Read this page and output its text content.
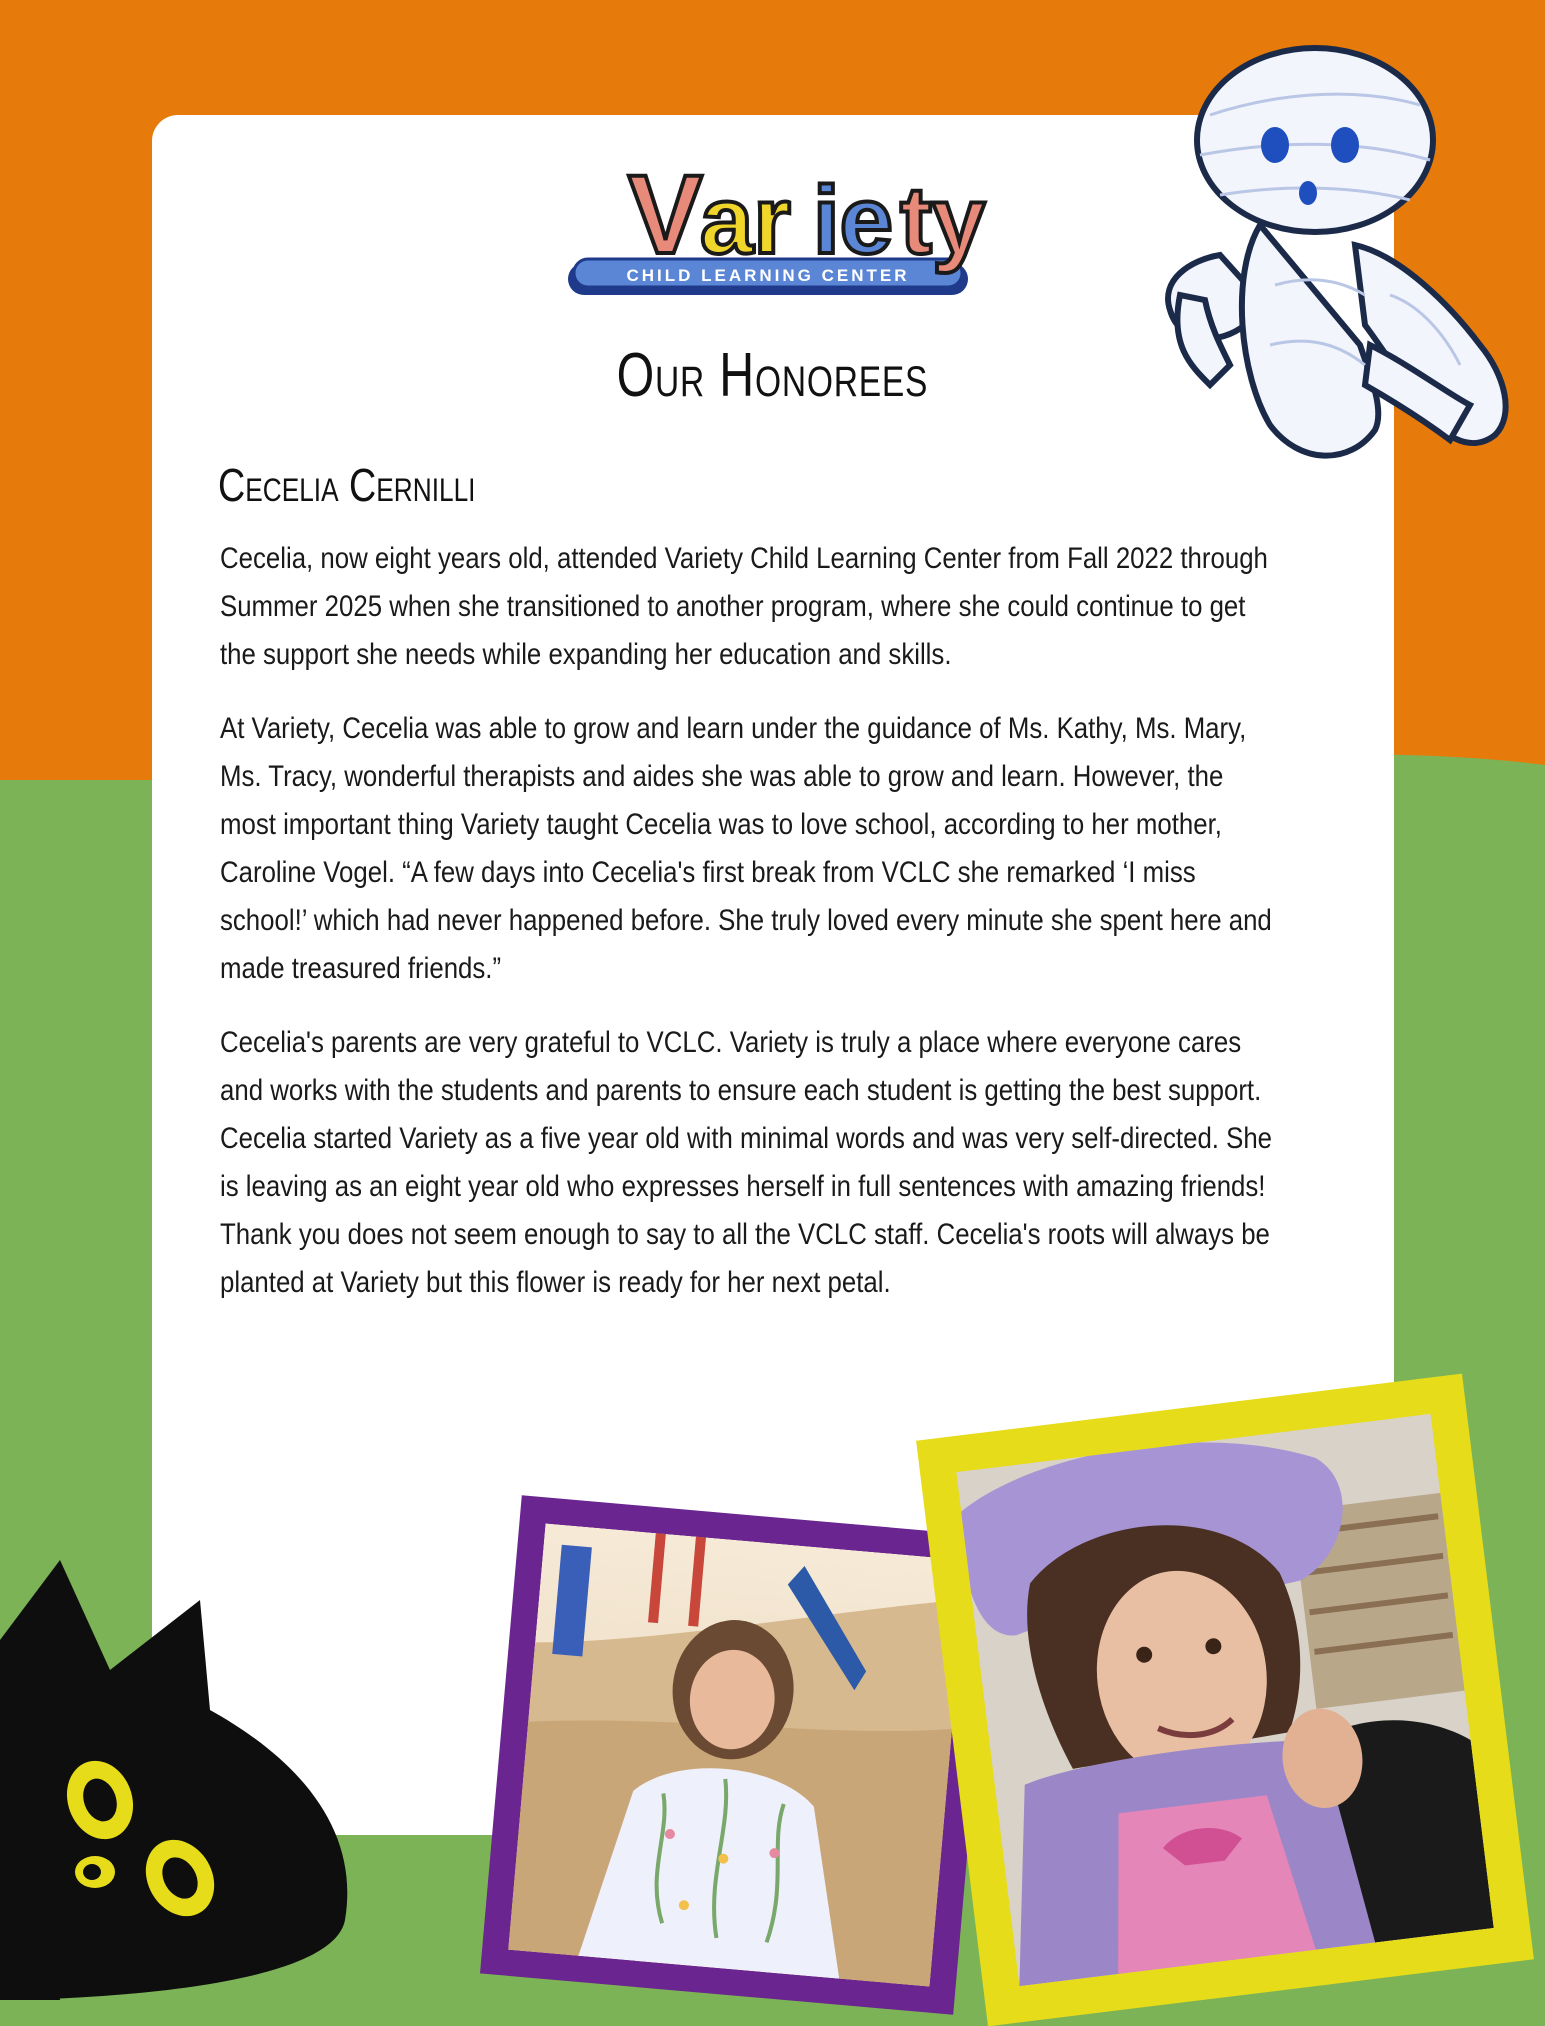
V
ar ie ty
CHILD LEARNING CENTER
Our Honorees
Cecelia Cernilli

Cecelia, now eight years old, attended Variety Child Learning Center from Fall 2022 through Summer 2025 when she transitioned to another program, where she could continue to get the support she needs while expanding her education and skills.

At Variety, Cecelia was able to grow and learn under the guidance of Ms. Kathy, Ms. Mary, Ms. Tracy, wonderful therapists and aides she was able to grow and learn. However, the most important thing Variety taught Cecelia was to love school, according to her mother, Caroline Vogel. “A few days into Cecelia's first break from VCLC she remarked ‘I miss school!’ which had never happened before. She truly loved every minute she spent here and made treasured friends.”

Cecelia's parents are very grateful to VCLC. Variety is truly a place where everyone cares and works with the students and parents to ensure each student is getting the best support. Cecelia started Variety as a five year old with minimal words and was very self-directed. She is leaving as an eight year old who expresses herself in full sentences with amazing friends! Thank you does not seem enough to say to all the VCLC staff. Cecelia's roots will always be planted at Variety but this flower is ready for her next petal.
